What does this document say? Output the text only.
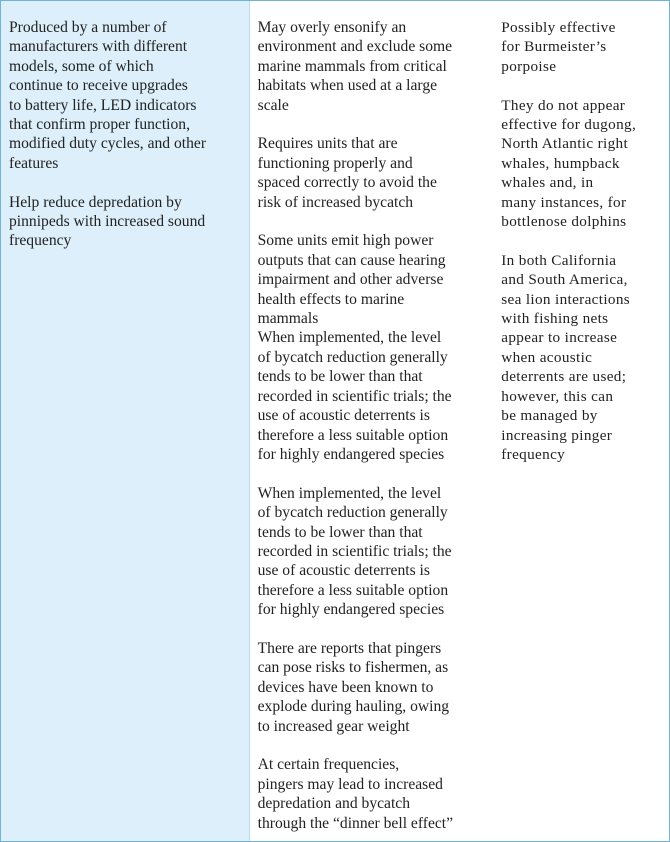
Produced by a number of
manufacturers with different
models, some of which
continue to receive upgrades
to battery life, LED indicators
that confirm proper function,
modified duty cycles, and other
features

Help reduce depredation by
pinnipeds with increased sound
frequency

May overly ensonify an
environment and exclude some
marine mammals from critical
habitats when used at a large
scale

Requires units that are
functioning properly and
spaced correctly to avoid the
risk of increased bycatch

Some units emit high power
outputs that can cause hearing
impairment and other adverse
health effects to marine
mammals
When implemented, the level
of bycatch reduction generally
tends to be lower than that
recorded in scientific trials; the
use of acoustic deterrents is
therefore a less suitable option
for highly endangered species

When implemented, the level
of bycatch reduction generally
tends to be lower than that
recorded in scientific trials; the
use of acoustic deterrents is
therefore a less suitable option
for highly endangered species

There are reports that pingers
can pose risks to fishermen, as
devices have been known to
explode during hauling, owing
to increased gear weight

At certain frequencies,
pingers may lead to increased
depredation and bycatch
through the “dinner bell effect”

Possibly effective
for Burmeister’s
porpoise

They do not appear
effective for dugong,
North Atlantic right
whales, humpback
whales and, in
many instances, for
bottlenose dolphins

In both California
and South America,
sea lion interactions
with fishing nets
appear to increase
when acoustic
deterrents are used;
however, this can
be managed by
increasing pinger
frequency
